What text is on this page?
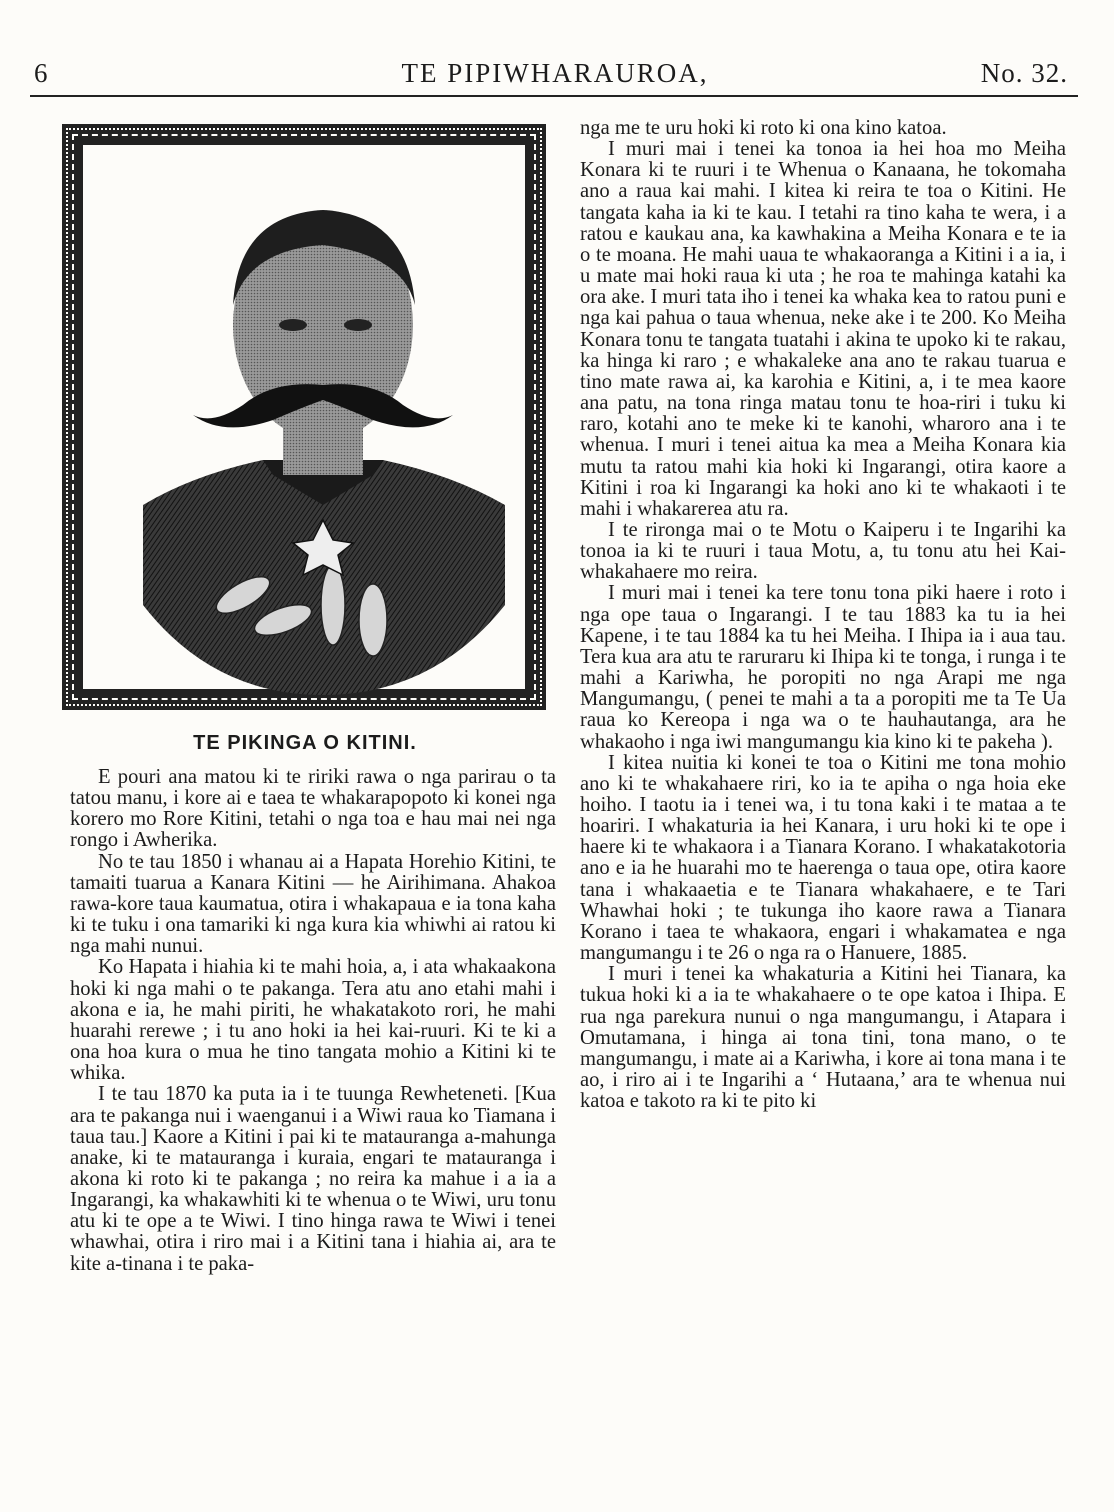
6	TE PIPIWHARAUROA,	No. 32.
TE PIKINGA O KITINI.

E pouri ana matou ki te ririki rawa o nga parirau o ta tatou manu, i kore ai e taea te whakarapopoto ki konei nga korero mo Rore Kitini, tetahi o nga toa e hau mai nei nga rongo i Awherika.

No te tau 1850 i whanau ai a Hapata Horehio Kitini, te tamaiti tuarua a Kanara Kitini — he Airihimana. Ahakoa rawa-kore taua kaumatua, otira i whakapaua e ia tona kaha ki te tuku i ona tamariki ki nga kura kia whiwhi ai ratou ki nga mahi nunui.

Ko Hapata i hiahia ki te mahi hoia, a, i ata whakaakona hoki ki nga mahi o te pakanga. Tera atu ano etahi mahi i akona e ia, he mahi piriti, he whakatakoto rori, he mahi huarahi rerewe ; i tu ano hoki ia hei kai-ruuri. Ki te ki a ona hoa kura o mua he tino tangata mohio a Kitini ki te whika.

I te tau 1870 ka puta ia i te tuunga Rewheteneti. [Kua ara te pakanga nui i waenganui i a Wiwi raua ko Tiamana i taua tau.] Kaore a Kitini i pai ki te matauranga a-mahunga anake, ki te matauranga i kuraia, engari te matauranga i akona ki roto ki te pakanga ; no reira ka mahue i a ia a Ingarangi, ka whakawhiti ki te whenua o te Wiwi, uru tonu atu ki te ope a te Wiwi. I tino hinga rawa te Wiwi i tenei whawhai, otira i riro mai i a Kitini tana i hiahia ai, ara te kite a-tinana i te paka-

nga me te uru hoki ki roto ki ona kino katoa.

I muri mai i tenei ka tonoa ia hei hoa mo Meiha Konara ki te ruuri i te Whenua o Kanaana, he tokomaha ano a raua kai mahi. I kitea ki reira te toa o Kitini. He tangata kaha ia ki te kau. I tetahi ra tino kaha te wera, i a ratou e kaukau ana, ka kawhakina a Meiha Konara e te ia o te moana. He mahi uaua te whakaoranga a Kitini i a ia, i u mate mai hoki raua ki uta ; he roa te mahinga katahi ka ora ake. I muri tata iho i tenei ka whaka kea to ratou puni e nga kai pahua o taua whenua, neke ake i te 200. Ko Meiha Konara tonu te tangata tuatahi i akina te upoko ki te rakau, ka hinga ki raro ; e whakaleke ana ano te rakau tuarua e tino mate rawa ai, ka karohia e Kitini, a, i te mea kaore ana patu, na tona ringa matau tonu te hoa-riri i tuku ki raro, kotahi ano te meke ki te kanohi, wharoro ana i te whenua. I muri i tenei aitua ka mea a Meiha Konara kia mutu ta ratou mahi kia hoki ki Ingarangi, otira kaore a Kitini i roa ki Ingarangi ka hoki ano ki te whakaoti i te mahi i whakarerea atu ra.

I te rironga mai o te Motu o Kaiperu i te Ingarihi ka tonoa ia ki te ruuri i taua Motu, a, tu tonu atu hei Kai-whakahaere mo reira.

I muri mai i tenei ka tere tonu tona piki haere i roto i nga ope taua o Ingarangi. I te tau 1883 ka tu ia hei Kapene, i te tau 1884 ka tu hei Meiha. I Ihipa ia i aua tau. Tera kua ara atu te raruraru ki Ihipa ki te tonga, i runga i te mahi a Kariwha, he poropiti no nga Arapi me nga Mangumangu, ( penei te mahi a ta a poropiti me ta Te Ua raua ko Kereopa i nga wa o te hauhautanga, ara he whakaoho i nga iwi mangumangu kia kino ki te pakeha ).

I kitea nuitia ki konei te toa o Kitini me tona mohio ano ki te whakahaere riri, ko ia te apiha o nga hoia eke hoiho. I taotu ia i tenei wa, i tu tona kaki i te mataa a te hoariri. I whakaturia ia hei Kanara, i uru hoki ki te ope i haere ki te whakaora i a Tianara Korano. I whakatakotoria ano e ia he huarahi mo te haerenga o taua ope, otira kaore tana i whakaaetia e te Tianara whakahaere, e te Tari Whawhai hoki ; te tukunga iho kaore rawa a Tianara Korano i taea te whakaora, engari i whakamatea e nga mangumangu i te 26 o nga ra o Hanuere, 1885.

I muri i tenei ka whakaturia a Kitini hei Tianara, ka tukua hoki ki a ia te whakahaere o te ope katoa i Ihipa. E rua nga parekura nunui o nga mangumangu, i Atapara i Omutamana, i hinga ai tona tini, tona mano, o te mangumangu, i mate ai a Kariwha, i kore ai tona mana i te ao, i riro ai i te Ingarihi a ‘ Hutaana,’ ara te whenua nui katoa e takoto ra ki te pito ki
